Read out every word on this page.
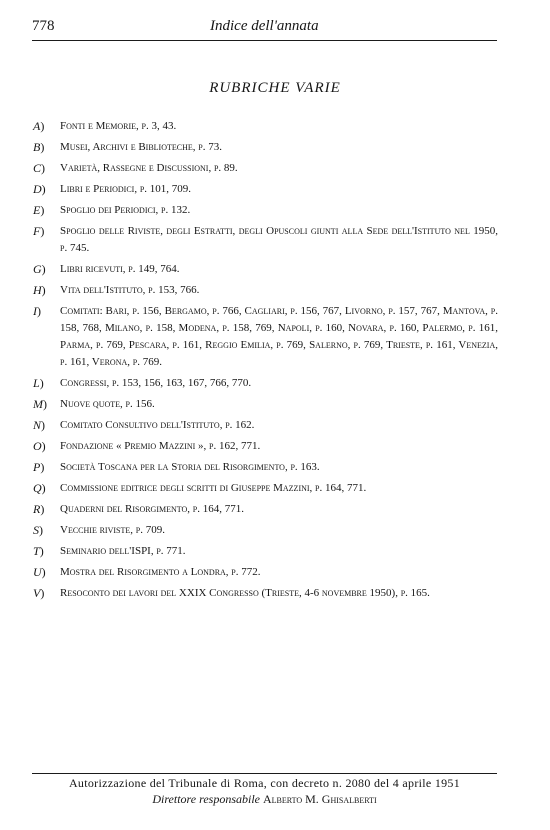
778	Indice dell'annata
RUBRICHE VARIE
A) Fonti e Memorie, p. 3, 43.
B) Musei, Archivi e Biblioteche, p. 73.
C) Varietà, Rassegne e Discussioni, p. 89.
D) Libri e Periodici, p. 101, 709.
E) Spoglio dei Periodici, p. 132.
F) Spoglio delle Riviste, degli Estratti, degli Opuscoli giunti alla Sede dell'Istituto nel 1950, p. 745.
G) Libri ricevuti, p. 149, 764.
H) Vita dell'Istituto, p. 153, 766.
I) Comitati: Bari, p. 156, Bergamo, p. 766, Cagliari, p. 156, 767, Livorno, p. 157, 767, Mantova, p. 158, 768, Milano, p. 158, Modena, p. 158, 769, Napoli, p. 160, Novara, p. 160, Palermo, p. 161, Parma, p. 769, Pescara, p. 161, Reggio Emilia, p. 769, Salerno, p. 769, Trieste, p. 161, Venezia, p. 161, Verona, p. 769.
L) Congressi, p. 153, 156, 163, 167, 766, 770.
M) Nuove quote, p. 156.
N) Comitato Consultivo dell'Istituto, p. 162.
O) Fondazione « Premio Mazzini », p. 162, 771.
P) Società Toscana per la Storia del Risorgimento, p. 163.
Q) Commissione editrice degli scritti di Giuseppe Mazzini, p. 164, 771.
R) Quaderni del Risorgimento, p. 164, 771.
S) Vecchie riviste, p. 709.
T) Seminario dell'ISPI, p. 771.
U) Mostra del Risorgimento a Londra, p. 772.
V) Resoconto dei lavori del XXIX Congresso (Trieste, 4-6 novembre 1950), p. 165.
Autorizzazione del Tribunale di Roma, con decreto n. 2080 del 4 aprile 1951
Direttore responsabile Alberto M. Ghisalberti
